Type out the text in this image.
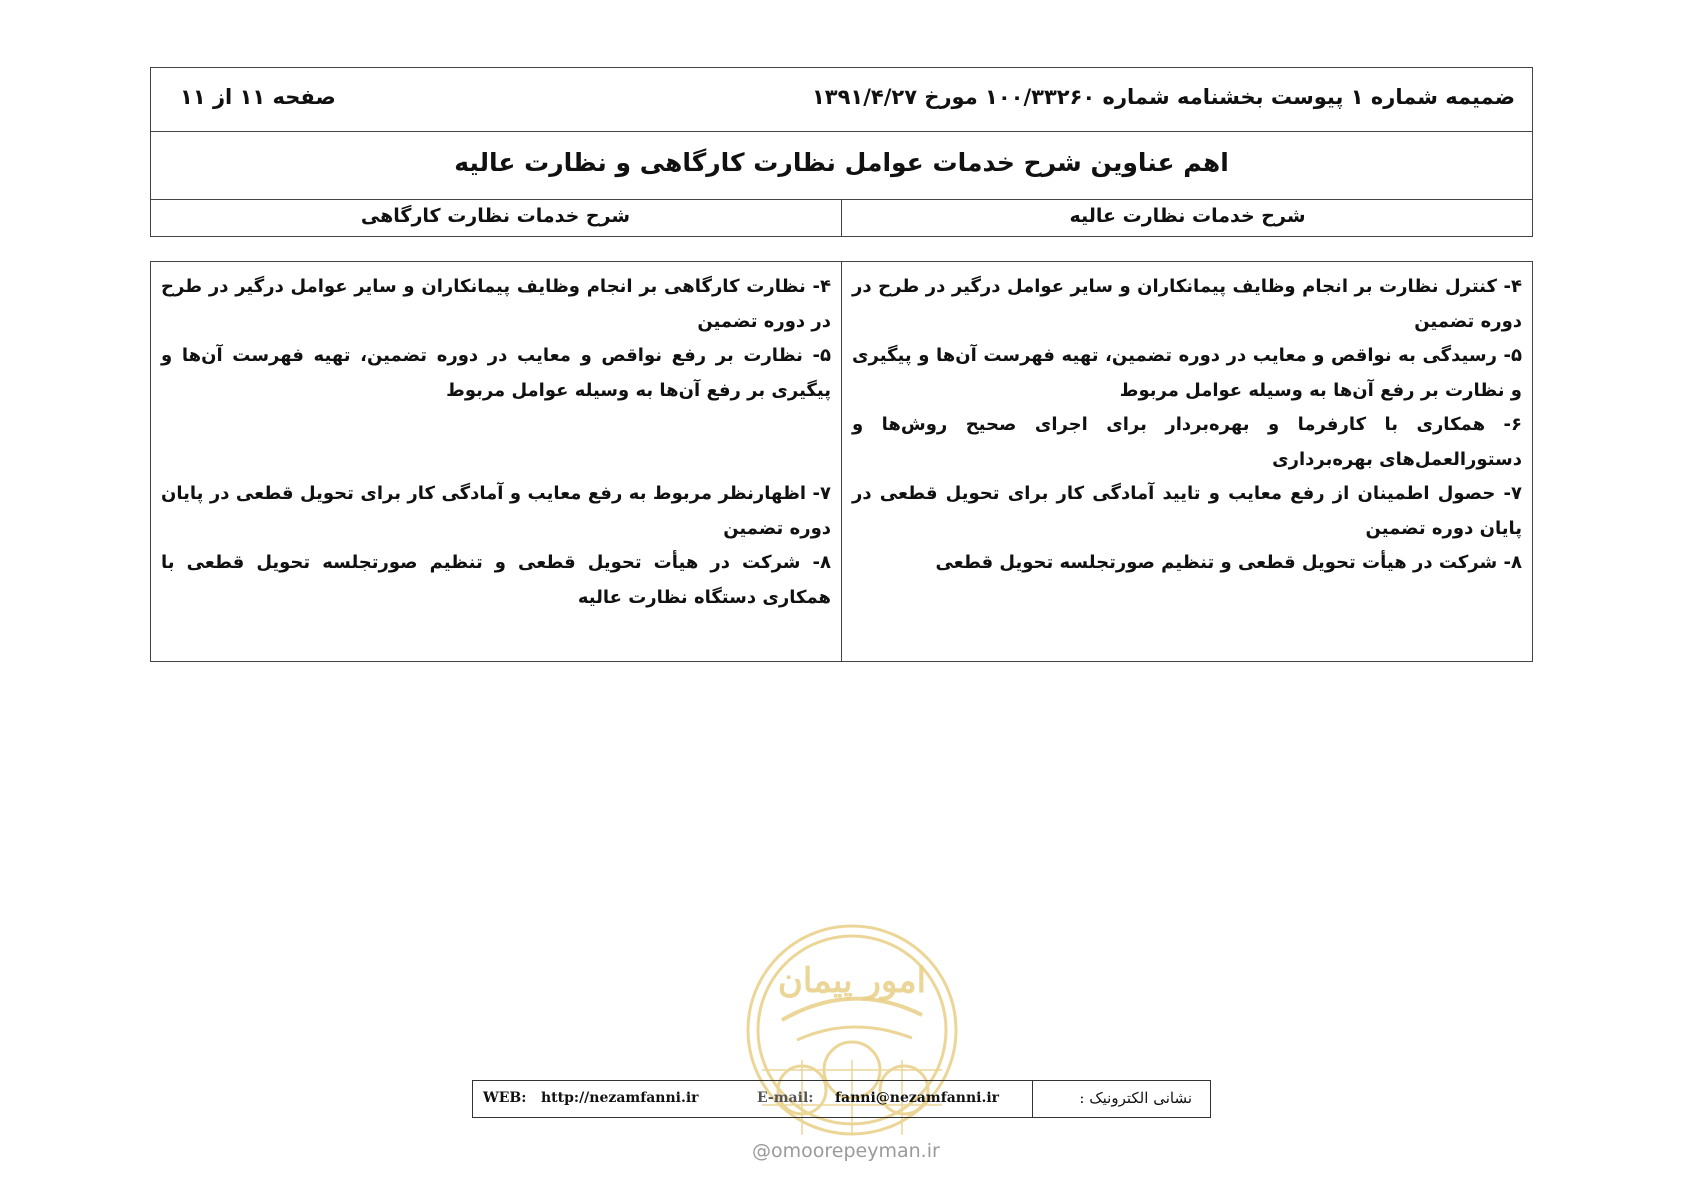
ضمیمه شماره ۱ پیوست بخشنامه شماره ۱۰۰/۳۳۲۶۰ مورخ ۱۳۹۱/۴/۲۷
صفحه ۱۱ از ۱۱
اهم عناوین شرح خدمات عوامل نظارت کارگاهی و نظارت عالیه
شرح خدمات نظارت عالیه
شرح خدمات نظارت کارگاهی

۴- کنترل نظارت بر انجام وظایف پیمانکاران و سایر عوامل درگیر در طرح در دوره تضمین

۵- رسیدگی به نواقص و معایب در دوره تضمین، تهیه فهرست آن‌ها و پیگیری و نظارت بر رفع آن‌ها به وسیله عوامل مربوط

۶- همکاری با کارفرما و بهره‌بردار برای اجرای صحیح روش‌ها و دستورالعمل‌های بهره‌برداری

۷- حصول اطمینان از رفع معایب و تایید آمادگی کار برای تحویل قطعی در پایان دوره تضمین

۸- شرکت در هیأت تحویل قطعی و تنظیم صورتجلسه تحویل قطعی

۴- نظارت کارگاهی بر انجام وظایف پیمانکاران و سایر عوامل درگیر در طرح در دوره تضمین

۵- نظارت بر رفع نواقص و معایب در دوره تضمین، تهیه فهرست آن‌ها و پیگیری بر رفع آن‌ها به وسیله عوامل مربوط

۷- اظهارنظر مربوط به رفع معایب و آمادگی کار برای تحویل قطعی در پایان دوره تضمین

۸- شرکت در هیأت تحویل قطعی و تنظیم صورتجلسه تحویل قطعی با همکاری دستگاه نظارت عالیه

امور پیمان
WEB: http://nezamfanni.ir	E-mail: fanni@nezamfanni.ir	نشانی الکترونیک :
@omoorepeyman.ir
